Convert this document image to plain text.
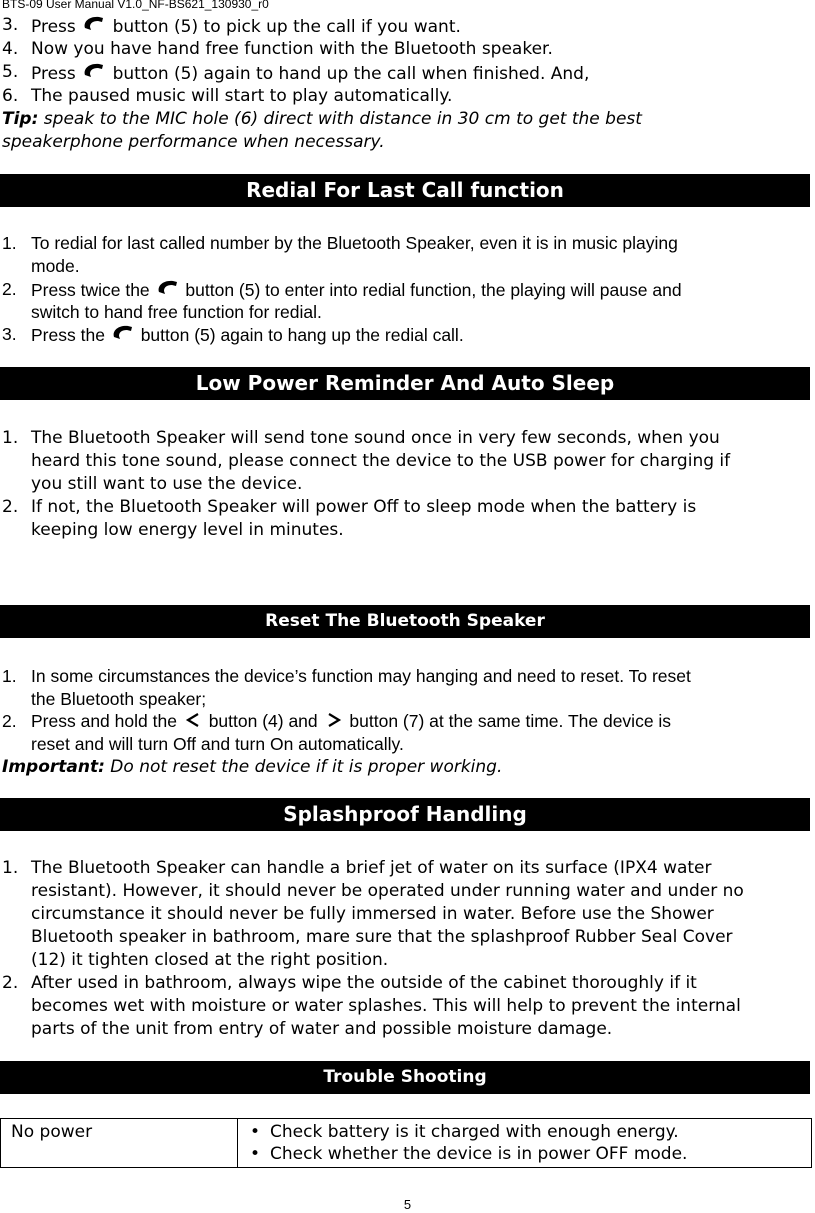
BTS-09 User Manual V1.0_NF-BS621_130930_r0
3. Press button (5) to pick up the call if you want.
4. Now you have hand free function with the Bluetooth speaker.
5. Press button (5) again to hand up the call when finished. And,
6. The paused music will start to play automatically.
Tip: speak to the MIC hole (6) direct with distance in 30 cm to get the best
speakerphone performance when necessary.
Redial For Last Call function
1. To redial for last called number by the Bluetooth Speaker, even it is in music playing
mode.
2. Press twice the button (5) to enter into redial function, the playing will pause and
switch to hand free function for redial.
3. Press the button (5) again to hang up the redial call.
Low Power Reminder And Auto Sleep
1. The Bluetooth Speaker will send tone sound once in very few seconds, when you
heard this tone sound, please connect the device to the USB power for charging if
you still want to use the device.
2. If not, the Bluetooth Speaker will power Off to sleep mode when the battery is
keeping low energy level in minutes.
Reset The Bluetooth Speaker
1. In some circumstances the device’s function may hanging and need to reset. To reset
the Bluetooth speaker;
2. Press and hold the button (4) and button (7) at the same time. The device is
reset and will turn Off and turn On automatically.
Important: Do not reset the device if it is proper working.
Splashproof Handling
1. The Bluetooth Speaker can handle a brief jet of water on its surface (IPX4 water
resistant). However, it should never be operated under running water and under no
circumstance it should never be fully immersed in water. Before use the Shower
Bluetooth speaker in bathroom, mare sure that the splashproof Rubber Seal Cover
(12) it tighten closed at the right position.
2. After used in bathroom, always wipe the outside of the cabinet thoroughly if it
becomes wet with moisture or water splashes. This will help to prevent the internal
parts of the unit from entry of water and possible moisture damage.
Trouble Shooting
No power	
•Check battery is it charged with enough energy.
• Check whether the device is in power OFF mode.
5
